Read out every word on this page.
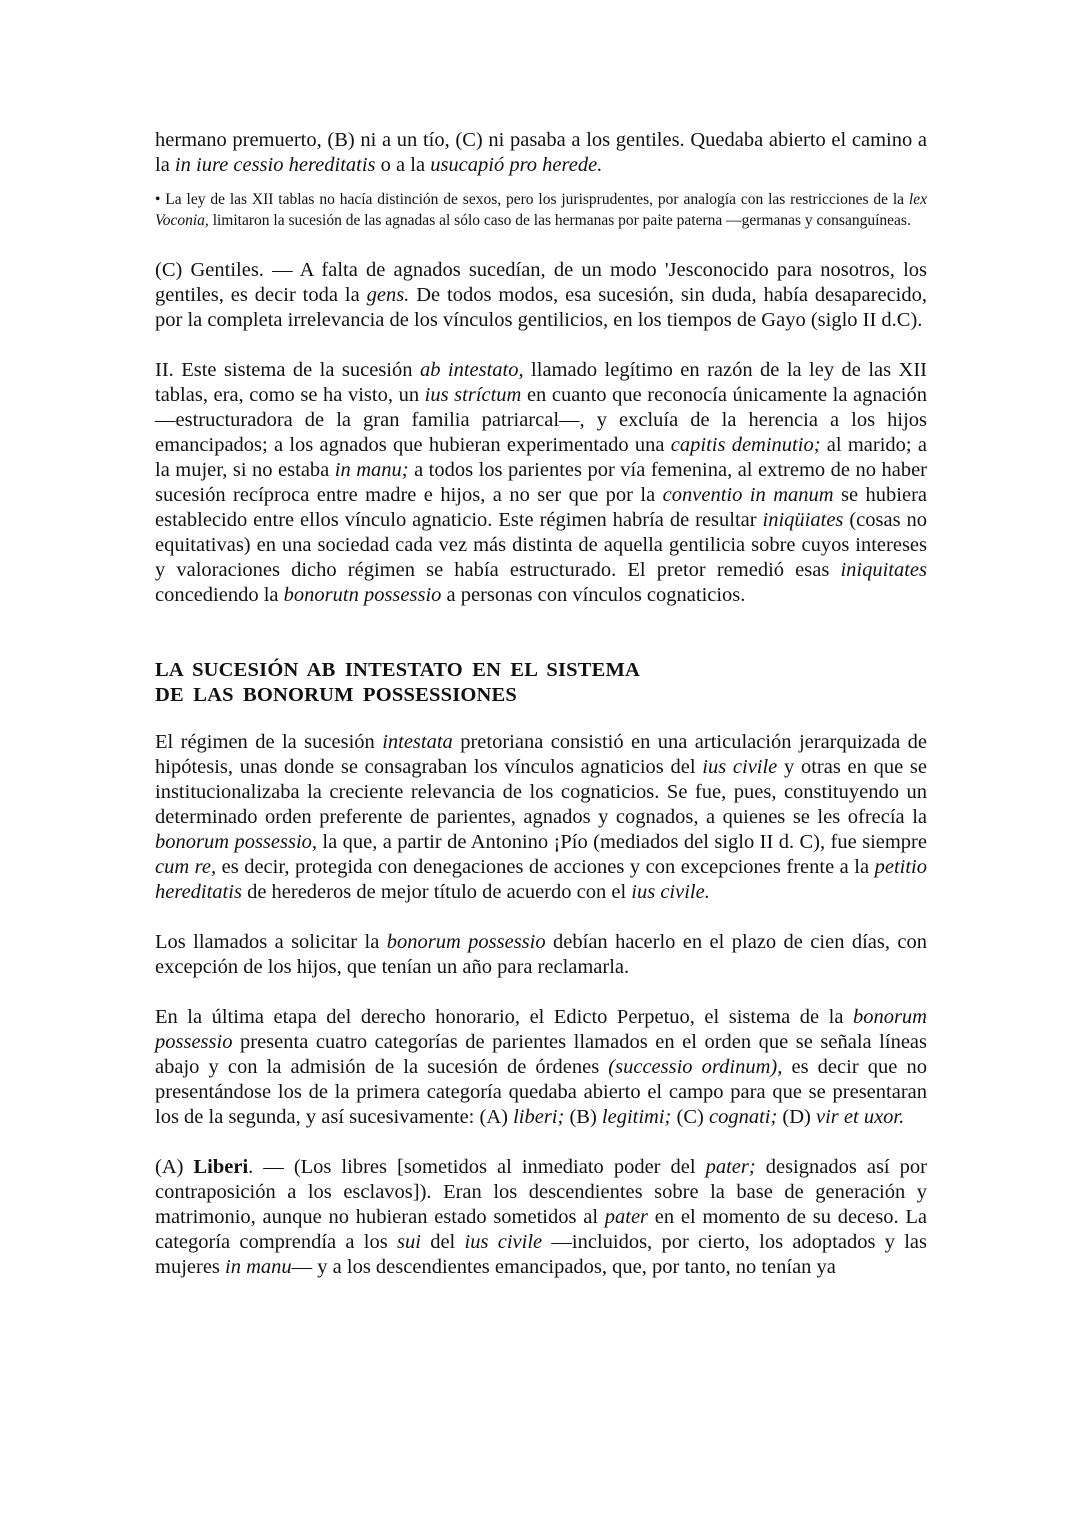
hermano premuerto, (B) ni a un tío, (C) ni pasaba a los gentiles. Quedaba abierto el camino a la in iure cessio hereditatis o a la usucapió pro herede.

• La ley de las XII tablas no hacía distinción de sexos, pero los jurisprudentes, por analogía con las restricciones de la lex Voconia, limitaron la sucesión de las agnadas al sólo caso de las hermanas por paite paterna —germanas y consanguíneas.

(C) Gentiles. — A falta de agnados sucedían, de un modo 'Jesconocido para nosotros, los gentiles, es decir toda la gens. De todos modos, esa sucesión, sin duda, había desaparecido, por la completa irrelevancia de los vínculos gentilicios, en los tiempos de Gayo (siglo II d.C).

II. Este sistema de la sucesión ab intestato, llamado legítimo en razón de la ley de las XII tablas, era, como se ha visto, un ius stríctum en cuanto que reconocía únicamente la agnación —estructuradora de la gran familia patriarcal—, y excluía de la herencia a los hijos emancipados; a los agnados que hubieran experimentado una capitis deminutio; al marido; a la mujer, si no estaba in manu; a todos los parientes por vía femenina, al extremo de no haber sucesión recíproca entre madre e hijos, a no ser que por la conventio in manum se hubiera establecido entre ellos vínculo agnaticio. Este régimen habría de resultar iniqüiates (cosas no equitativas) en una sociedad cada vez más distinta de aquella gentilicia sobre cuyos intereses y valoraciones dicho régimen se había estructurado. El pretor remedió esas iniquitates concediendo la bonorutn possessio a personas con vínculos cognaticios.

LA SUCESIÓN AB INTESTATO EN EL SISTEMA
DE LAS BONORUM POSSESSIONES

El régimen de la sucesión intestata pretoriana consistió en una articulación jerarquizada de hipótesis, unas donde se consagraban los vínculos agnaticios del ius civile y otras en que se institucionalizaba la creciente relevancia de los cognaticios. Se fue, pues, constituyendo un determinado orden preferente de parientes, agnados y cognados, a quienes se les ofrecía la bonorum possessio, la que, a partir de Antonino ¡Pío (mediados del siglo II d. C), fue siempre cum re, es decir, protegida con denegaciones de acciones y con excepciones frente a la petitio hereditatis de herederos de mejor título de acuerdo con el ius civile.

Los llamados a solicitar la bonorum possessio debían hacerlo en el plazo de cien días, con excepción de los hijos, que tenían un año para reclamarla.

En la última etapa del derecho honorario, el Edicto Perpetuo, el sistema de la bonorum possessio presenta cuatro categorías de parientes llamados en el orden que se señala líneas abajo y con la admisión de la sucesión de órdenes (successio ordinum), es decir que no presentándose los de la primera categoría quedaba abierto el campo para que se presentaran los de la segunda, y así sucesivamente: (A) liberi; (B) legitimi; (C) cognati; (D) vir et uxor.

(A) Liberi. — (Los libres [sometidos al inmediato poder del pater; designados así por contraposición a los esclavos]). Eran los descendientes sobre la base de generación y matrimonio, aunque no hubieran estado sometidos al pater en el momento de su deceso. La categoría comprendía a los sui del ius civile —incluidos, por cierto, los adoptados y las mujeres in manu— y a los descendientes emancipados, que, por tanto, no tenían ya
